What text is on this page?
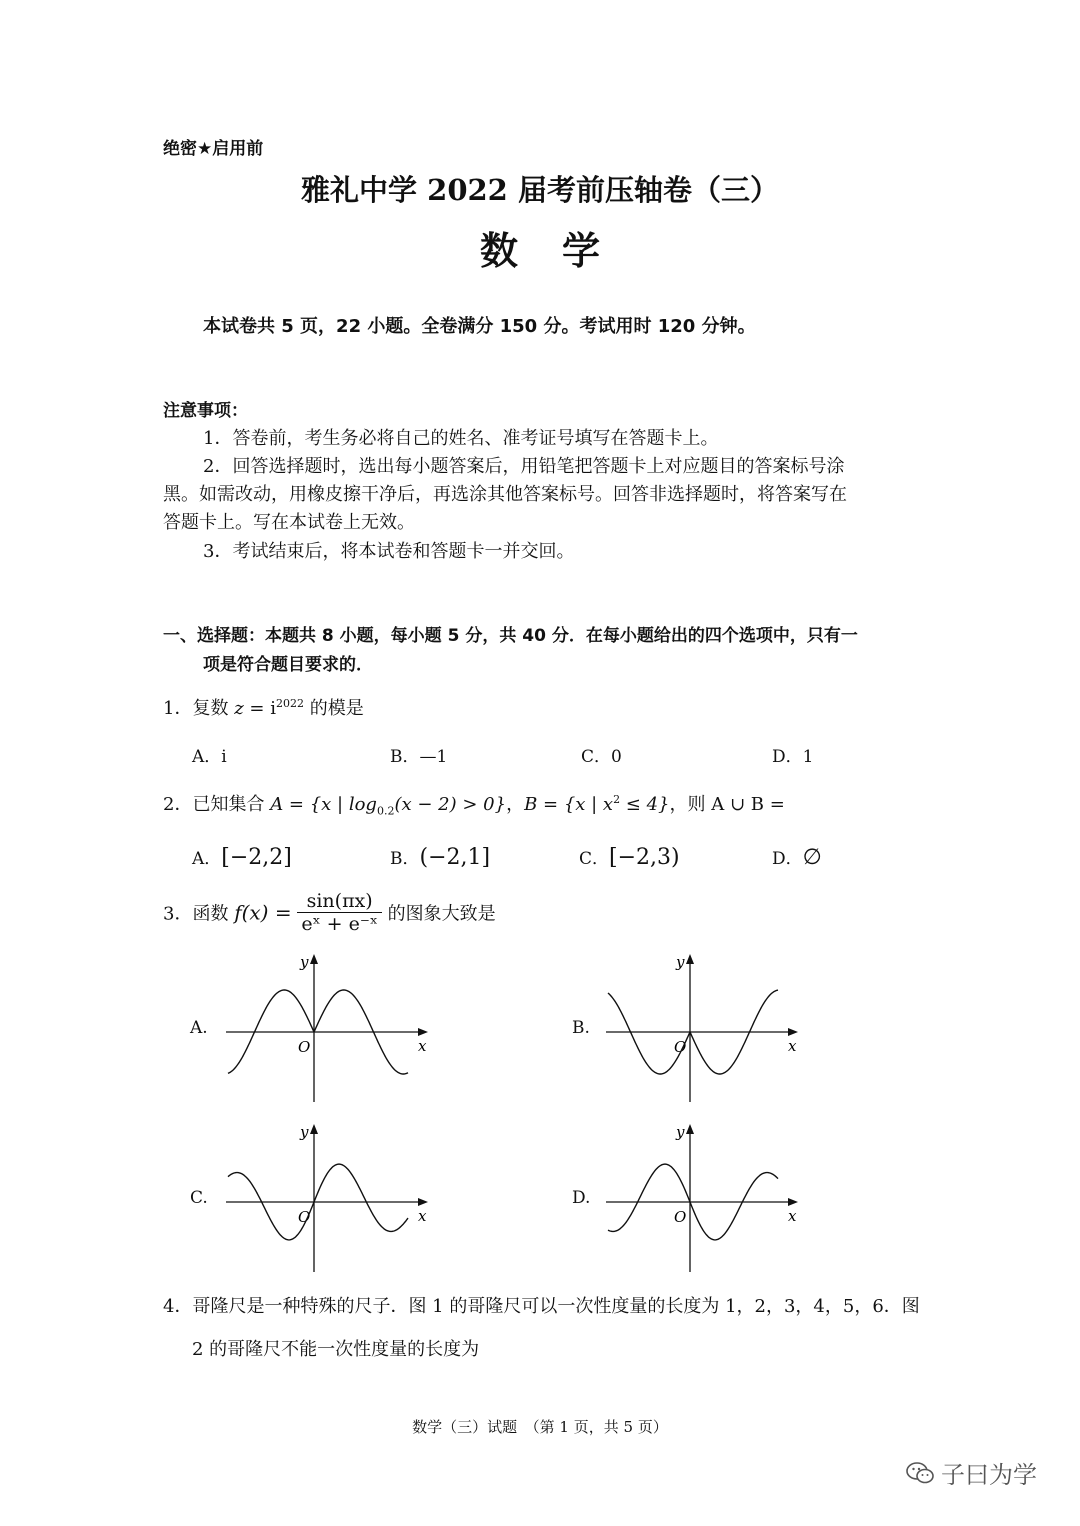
绝密★启用前
雅礼中学 2022 届考前压轴卷（三）
数学
本试卷共 5 页，22 小题。全卷满分 150 分。考试用时 120 分钟。
注意事项：
1．答卷前，考生务必将自己的姓名、准考证号填写在答题卡上。
2．回答选择题时，选出每小题答案后，用铅笔把答题卡上对应题目的答案标号涂
黑。如需改动，用橡皮擦干净后，再选涂其他答案标号。回答非选择题时，将答案写在
答题卡上。写在本试卷上无效。
3．考试结束后，将本试卷和答题卡一并交回。
一、选择题：本题共 8 小题，每小题 5 分，共 40 分．在每小题给出的四个选项中，只有一
项是符合题目要求的．
1．复数 $z = i^{2022}$ 的模是
A．i	B．—1	C．0	D．1
2．已知集合 A = {x | $\log_{0.2}(x - 2) > 0$}，B = {x | $x^2 \le 4$}，则 A ∪ B =
A．[−2,2]	B．(−2,1]	C．[−2,3)	D．∅
3．函数 $f(x) = \frac{\sin(\pi x)}{\text{eˣ + e⁻ˣ}}$ 的图象大致是
A.	B.
C.	D.
y
x
O
y
x
O
y
x
O
y
x
O
4．哥隆尺是一种特殊的尺子．图 1 的哥隆尺可以一次性度量的长度为 1，2，3，4，5，6．图
2 的哥隆尺不能一次性度量的长度为
数学（三）试题　（第 1 页，共 5 页）
子曰为学
